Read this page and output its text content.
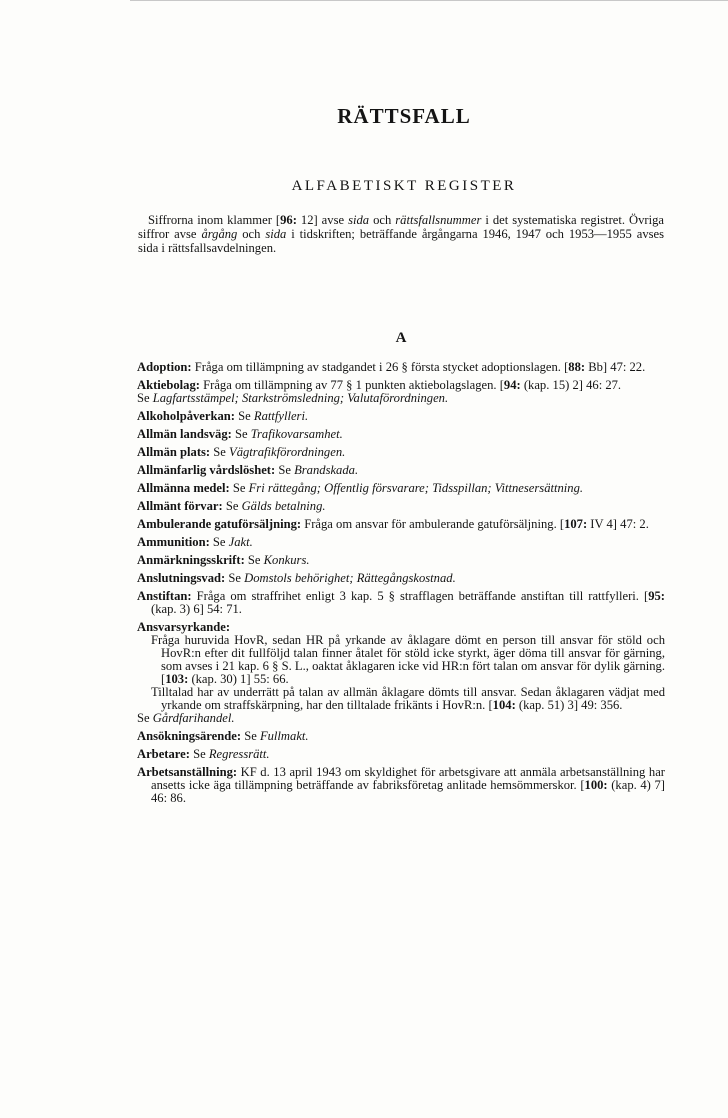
RÄTTSFALL
ALFABETISKT REGISTER

Siffrorna inom klammer [96: 12] avse sida och rättsfallsnummer i det systematiska registret. Övriga siffror avse årgång och sida i tidskriften; beträffande årgångarna 1946, 1947 och 1953—1955 avses sida i rättsfallsavdelningen.

A
Adoption: Fråga om tillämpning av stadgandet i 26 § första stycket adoptionslagen. [88: Bb] 47: 22.
Aktiebolag: Fråga om tillämpning av 77 § 1 punkten aktiebolagslagen. [94: (kap. 15) 2] 46: 27.
Se Lagfartsstämpel; Starkströmsledning; Valutaförordningen.
Alkoholpåverkan: Se Rattfylleri.
Allmän landsväg: Se Trafikovarsamhet.
Allmän plats: Se Vägtrafikförordningen.
Allmänfarlig vårdslöshet: Se Brandskada.
Allmänna medel: Se Fri rättegång; Offentlig försvarare; Tidsspillan; Vittnesersättning.
Allmänt förvar: Se Gälds betalning.
Ambulerande gatuförsäljning: Fråga om ansvar för ambulerande gatuförsäljning. [107: IV 4] 47: 2.
Ammunition: Se Jakt.
Anmärkningsskrift: Se Konkurs.
Anslutningsvad: Se Domstols behörighet; Rättegångskostnad.
Anstiftan: Fråga om straffrihet enligt 3 kap. 5 § strafflagen beträffande anstiftan till rattfylleri. [95: (kap. 3) 6] 54: 71.
Ansvarsyrkande:
Fråga huruvida HovR, sedan HR på yrkande av åklagare dömt en person till ansvar för stöld och HovR:n efter dit fullföljd talan finner åtalet för stöld icke styrkt, äger döma till ansvar för gärning, som avses i 21 kap. 6 § S. L., oaktat åklagaren icke vid HR:n fört talan om ansvar för dylik gärning. [103: (kap. 30) 1] 55: 66.
Tilltalad har av underrätt på talan av allmän åklagare dömts till ansvar. Sedan åklagaren vädjat med yrkande om straffskärpning, har den tilltalade frikänts i HovR:n. [104: (kap. 51) 3] 49: 356.
Se Gårdfarihandel.
Ansökningsärende: Se Fullmakt.
Arbetare: Se Regressrätt.
Arbetsanställning: KF d. 13 april 1943 om skyldighet för arbetsgivare att anmäla arbetsanställning har ansetts icke äga tillämpning beträffande av fabriksföretag anlitade hemsömmerskor. [100: (kap. 4) 7] 46: 86.
